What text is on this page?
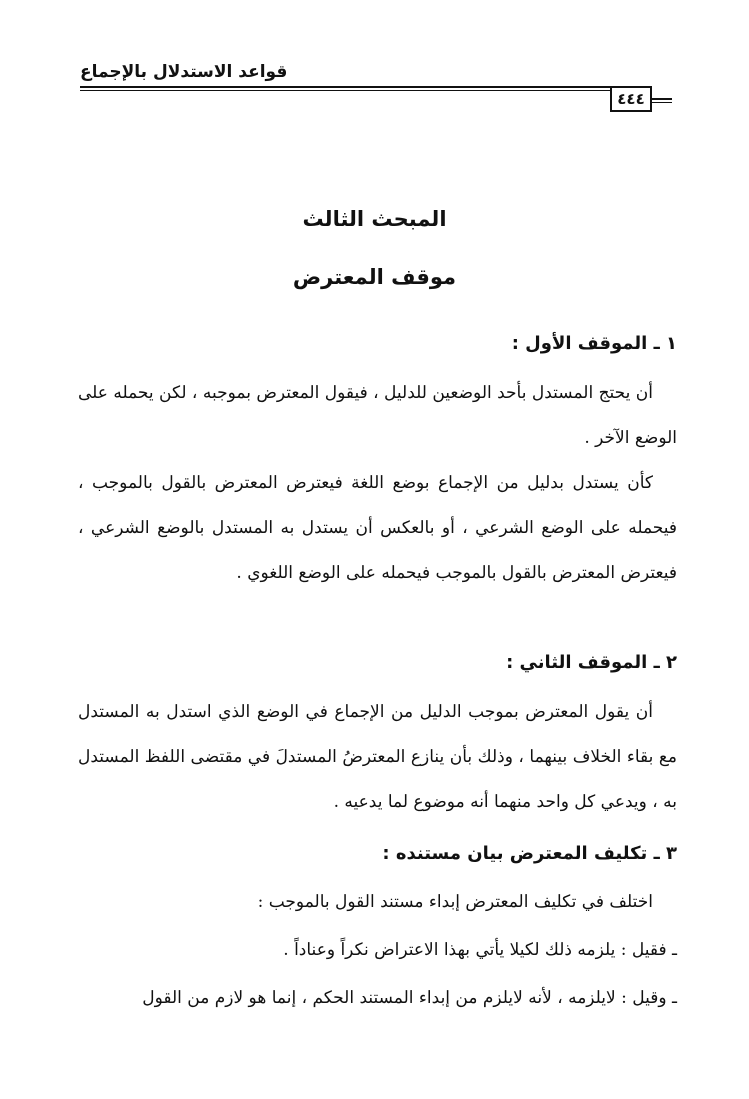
قواعد الاستدلال بالإجماع
٤٤٤
المبحث الثالث
موقف المعترض
١ ـ الموقف الأول :
أن يحتج المستدل بأحد الوضعين للدليل ، فيقول المعترض بموجبه ، لكن يحمله على الوضع الآخر .
كأن يستدل بدليل من الإجماع بوضع اللغة فيعترض المعترض بالقول بالموجب ، فيحمله على الوضع الشرعي ، أو بالعكس أن يستدل به المستدل بالوضع الشرعي ، فيعترض المعترض بالقول بالموجب فيحمله على الوضع اللغوي .
٢ ـ الموقف الثاني :
أن يقول المعترض بموجب الدليل من الإجماع في الوضع الذي استدل به المستدل مع بقاء الخلاف بينهما ، وذلك بأن ينازع المعترضُ المستدلَ في مقتضى اللفظ المستدل به ، ويدعي كل واحد منهما أنه موضوع لما يدعيه .
٣ ـ تكليف المعترض بيان مستنده :
اختلف في تكليف المعترض إبداء مستند القول بالموجب :
ـ فقيل : يلزمه ذلك لكيلا يأتي بهذا الاعتراض نكراً وعناداً .
ـ وقيل : لايلزمه ، لأنه لايلزم من إبداء المستند الحكم ، إنما هو لازم من القول
